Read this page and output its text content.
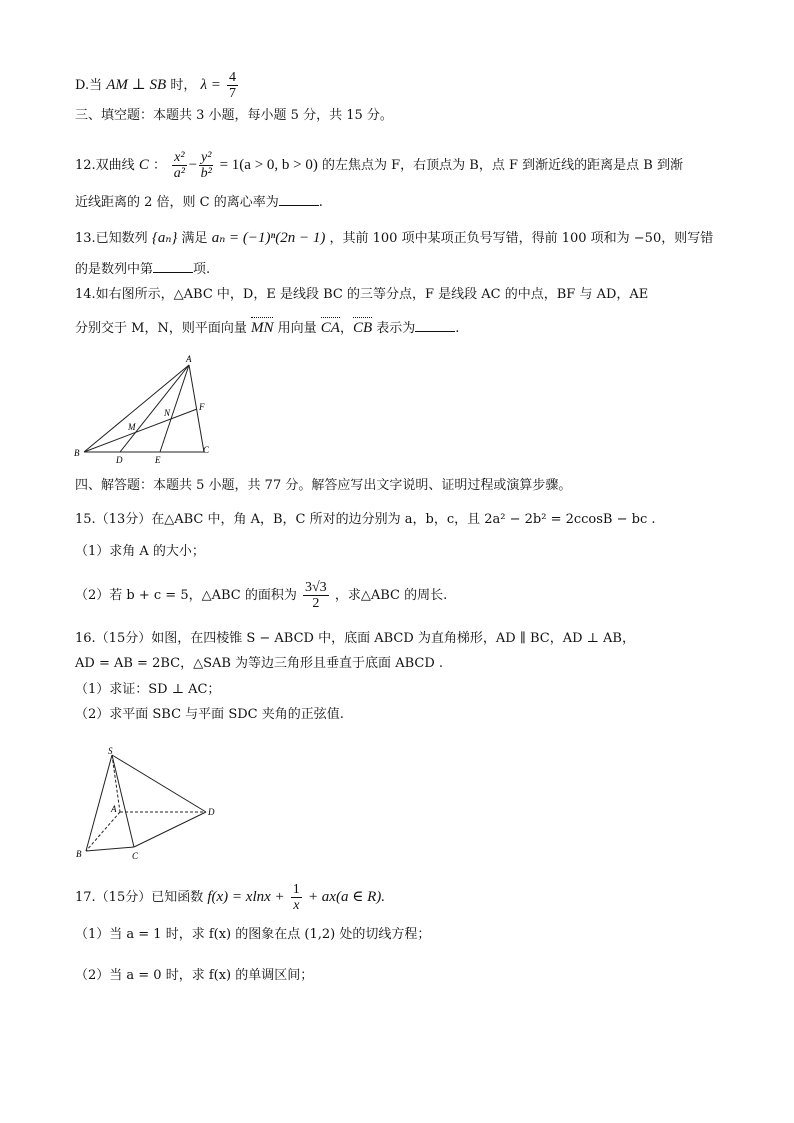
D.当 AM ⊥ SB 时， $\lambda = \frac{4}{7}$
三、填空题：本题共 3 小题，每小题 5 分，共 15 分。
12.双曲线 C ： $\frac{\text{x²}}{\text{a²}} - \frac{\text{y²}}{\text{b²}} = 1(a > 0$, b > 0) 的左焦点为 F，右顶点为 B，点 F 到渐近线的距离是点 B 到渐
近线距离的 2 倍，则 C 的离心率为	.
13.已知数列 {aₙ} 满足 aₙ = (−1)ⁿ(2n − 1) ，其前 100 项中某项正负号写错，得前 100 项和为 −50，则写错
的是数列中第	项.
14.如右图所示，△ABC 中，D，E 是线段 BC 的三等分点，F 是线段 AC 的中点，BF 与 AD，AE
分别交于 M，N，则平面向量 MN 用向量 CA，CB 表示为	.
A
B	C
D	E
F
M
N
四、解答题：本题共 5 小题，共 77 分。解答应写出文字说明、证明过程或演算步骤。
15.（13分）在△ABC 中，角 A，B，C 所对的边分别为 a，b，c，且 2a² − 2b² = 2ccosB − bc .
（1）求角 A 的大小；
（2）若 b + c = 5，△ABC 的面积为 $\frac{3√3}{2}$ ，求△ABC 的周长.
16.（15分）如图，在四棱锥 S − ABCD 中，底面 ABCD 为直角梯形，AD ∥ BC，AD ⊥ AB，
AD = AB = 2BC，△SAB 为等边三角形且垂直于底面 ABCD .
（1）求证：SD ⊥ AC；
（2）求平面 SBC 与平面 SDC 夹角的正弦值.
S
A
B	C
D
17.（15分）已知函数 $f(x) = xlnx + \frac{1}{x} + ax(a$ ∈ R).
（1）当 a = 1 时，求 f(x) 的图象在点 (1,2) 处的切线方程；
（2）当 a = 0 时，求 f(x) 的单调区间；
